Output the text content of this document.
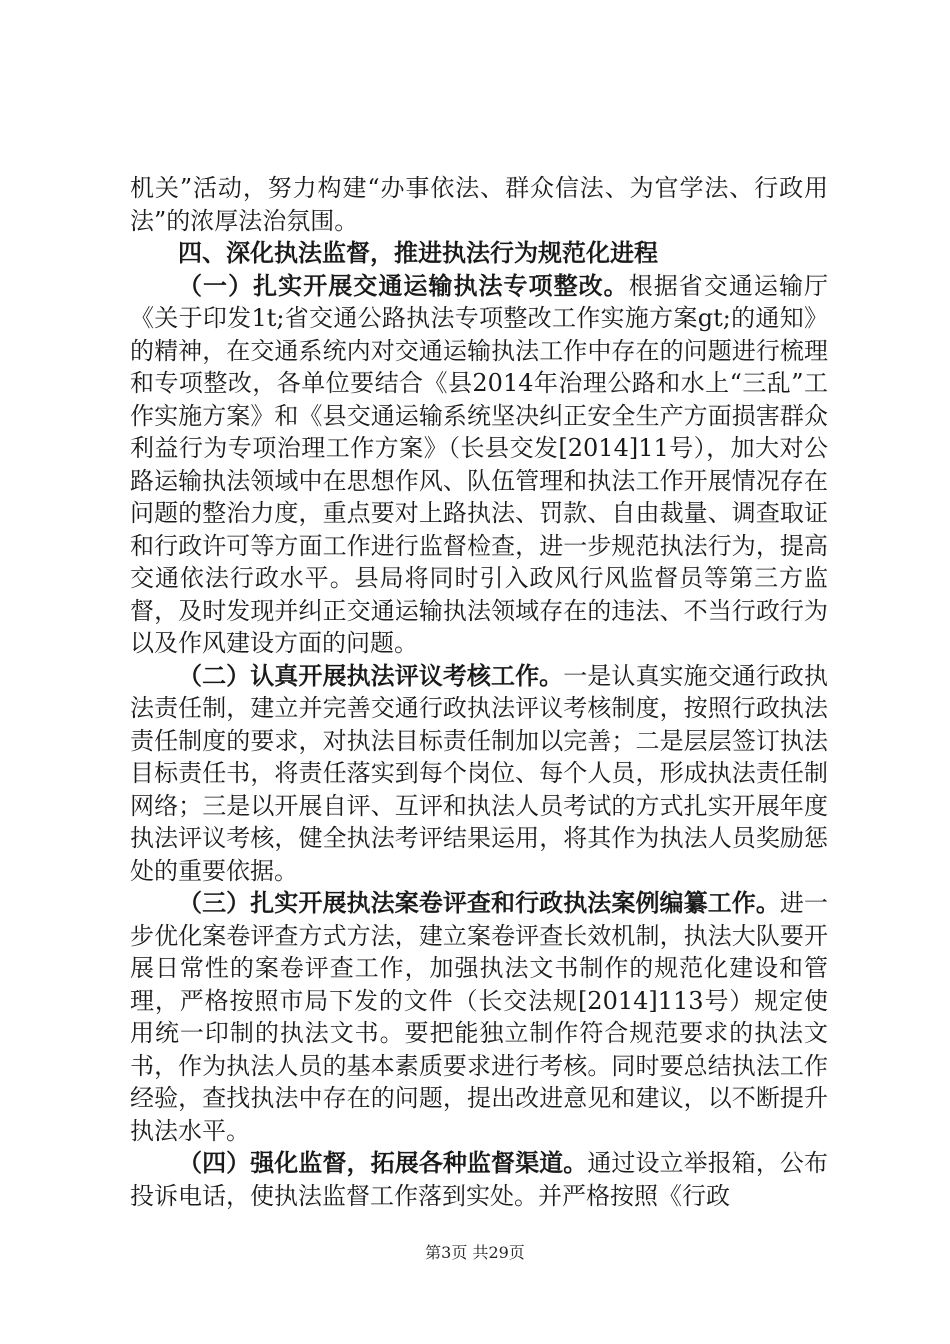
机关”活动，努力构建“办事依法、群众信法、为官学法、行政用法”的浓厚法治氛围。

四、深化执法监督，推进执法行为规范化进程

（一）扎实开展交通运输执法专项整改。根据省交通运输厅《关于印发1t;省交通公路执法专项整改工作实施方案gt;的通知》的精神，在交通系统内对交通运输执法工作中存在的问题进行梳理和专项整改，各单位要结合《县2014年治理公路和水上“三乱”工作实施方案》和《县交通运输系统坚决纠正安全生产方面损害群众利益行为专项治理工作方案》（长县交发[2014]11号），加大对公路运输执法领域中在思想作风、队伍管理和执法工作开展情况存在问题的整治力度，重点要对上路执法、罚款、自由裁量、调查取证和行政许可等方面工作进行监督检查，进一步规范执法行为，提高交通依法行政水平。县局将同时引入政风行风监督员等第三方监督，及时发现并纠正交通运输执法领域存在的违法、不当行政行为以及作风建设方面的问题。

（二）认真开展执法评议考核工作。一是认真实施交通行政执法责任制，建立并完善交通行政执法评议考核制度，按照行政执法责任制度的要求，对执法目标责任制加以完善；二是层层签订执法目标责任书，将责任落实到每个岗位、每个人员，形成执法责任制网络；三是以开展自评、互评和执法人员考试的方式扎实开展年度执法评议考核，健全执法考评结果运用，将其作为执法人员奖励惩处的重要依据。

（三）扎实开展执法案卷评查和行政执法案例编纂工作。进一步优化案卷评查方式方法，建立案卷评查长效机制，执法大队要开展日常性的案卷评查工作，加强执法文书制作的规范化建设和管理，严格按照市局下发的文件（长交法规[2014]113号）规定使用统一印制的执法文书。要把能独立制作符合规范要求的执法文书，作为执法人员的基本素质要求进行考核。同时要总结执法工作经验，查找执法中存在的问题，提出改进意见和建议，以不断提升执法水平。

（四）强化监督，拓展各种监督渠道。通过设立举报箱，公布投诉电话，使执法监督工作落到实处。并严格按照《行政

第3页 共29页
